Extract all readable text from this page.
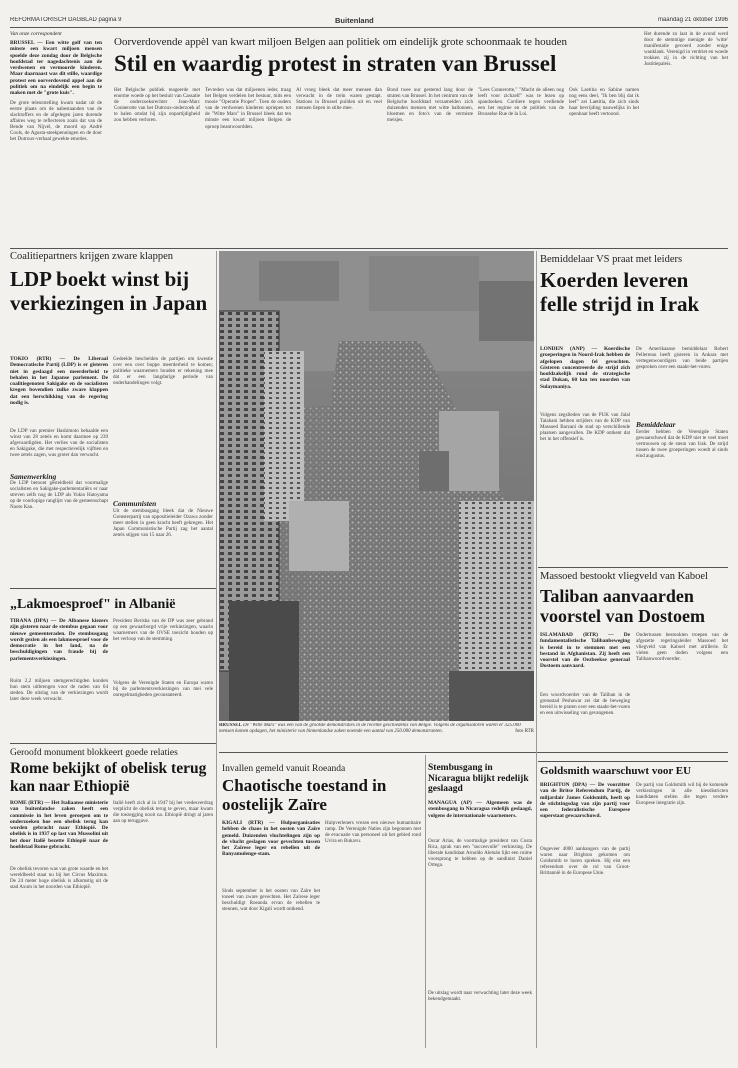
REFORMATORISCH DAGBLAD pagina 9	Buitenland	maandag 21 oktober 1996
Van onze correspondent
BRUSSEL — Een witte golf van ten minste een kwart miljoen mensen spoelde deze zondag door de Belgische hoofdstad ter nagedachtenis aan de verdwenen en vermoorde kinderen. Maar daarnaast was dit stille, waardige protest een oorverdovend appel aan de politiek om na eindelijk een begin te maken met de "grote kuis".
De grote teleurstelling kwam nadat uit de eerste plaats om de nabestaanden van de slachtoffers en de afgelegen jaren durende affaires weg te reflecteren zoals dat van de Bende van Nijvel, de moord op André Cools, de Agusta-steekpenningen en de door het Dutroux-verhaal gewekte emoties.
Oorverdovende appèl van kwart miljoen Belgen aan politiek om eindelijk grote schoonmaak te houden
Stil en waardig protest in straten van Brussel
Het Belgische publiek reageerde met enorme woede op het besluit van Cassatie de onderzoeksrechter Jean-Marc Connerotte van het Dutroux-onderzoek af te halen omdat hij zijn onpartijdigheid zou hebben verloren.
Tevreden was dat miljoenen ieder, traag het Belgen verdelen het bestuur, mits een mooie "Operatie Proper". Toen de ouders van de verdwenen kinderen opriepen tot de "Witte Mars" in Brussel bleek dat ten minste een kwart miljoen Belgen de oproep beantwoordden.
Al vroeg bleek dat meer mensen dan verwacht in de trein waren gestapt. Stations in Brussel puilden uit en veel mensen liepen in stilte mee.
Bond twee uur gestemd lang door de straten van Brussel. In het centrum van de Belgische hoofdstad verzamelden zich duizenden mensen met witte ballonnen, bloemen en foto's van de vermiste meisjes.
"Lees Connerotte," "Macht de alleen nog leeft voor zichzelf" was te lezen op spandoeken. Cordiere tegen verdiende een het regime en de politiek van de Brusselse Rue de la Loi.
Ook Laetitia en Sabine namen nog eens deel, "Ik ben blij dat ik leef" zei Laetitia, die zich sinds haar bevrijding nauwelijks in het openbaar heeft vertoond.
Het durende zo laat in de avond werd door de stemmige menigte de 'witte' manifestatie gevoerd zonder enige wanklank. Verenigd in verdriet en woede trokken zij in de richting van het Justitiepaleis.
Coalitiepartners krijgen zware klappen
LDP boekt winst bij verkiezingen in Japan
TOKIO (RTR) — De Liberaal Democratische Partij (LDP) is er gisteren niet in geslaagd een meerderheid te behalen in het Japanse parlement. De coalitiegenoten Sakigake en de socialisten kregen bovendien zulke zware klappen dat een herschikking van de regering nodig is.
De LDP van premier Hashimoto behaalde een winst van 28 zetels en komt daarmee op 239 afgevaardigden. Het verlies van de socialisten en Sakigake, die met respectievelijk vijftien en twee zetels zagen, was groter dan verwacht.
Samenwerking
De LDP betoont gesteldheid dat voormalige socialisten en Sakigake-parlementariërs er naar streven zelfs nog de LDP als Yukio Hatoyama op de voorlopige ranglijst van de gemeenschapt Naoto Kan.
Gedeelde bescheiden de partijen om kwestie over een over boppe meerderheid te komen; politieke waarnemers houden er rekening mee dat er een langdurige periode van onderhandelingen volgt.
Communisten
Uit de stembusgang bleek dat de Nieuwe Grensterpartij van oppositieleider Ozawa zonder meer stellen in geen kracht heeft gekregen. Het Japan Communistische Partij zag het aantal zetels stijgen van 15 naar 26.
„Lakmoesproef" in Albanië
TIRANA (DPA) — De Albanese kiezers zijn gisteren naar de stembus gegaan voor nieuwe gemeenteraden. De stembusgang wordt gezien als een lakmoesproef voor de democratie in het land, na de beschuldigingen van fraude bij de parlementsverkiezingen.
Ruim 2,2 miljoen stemgerechtigden konden hun stem uitbrengen voor de raden van 64 steden. De uitslag van de verkiezingen wordt later deze week verwacht.
President Berisha van de DP was zeer gebrand op een gewaarborgd vrije verkiezingen, waarin waarnemers van de OVSE toezicht houden op het verloop van de stemming.
Volgens de Verenigde Staten en Europa waren bij de parlementsverkiezingen van mei vele onregelmatigheden geconstateerd.
Geroofd monument blokkeert goede relaties
Rome bekijkt of obelisk terug kan naar Ethiopië
ROME (RTR) — Het Italiaanse ministerie van buitenlandse zaken heeft een commissie in het leven geroepen om te onderzoeken hoe een obelisk terug kan worden gebracht naar Ethiopië. De obelisk is in 1937 op last van Mussolini uit het door Italië bezette Ethiopië naar de hoofdstad Rome gebracht.
De obelisk tevoren was van grote waarde en het wereldbeeld staat nu bij het Circus Maximus. De 24 meter hoge obelisk is afkomstig uit de stad Axum in het noorden van Ethiopië.
Italië heeft zich al in 1947 bij het vredesverdrag verplicht de obelisk terug te geven, maar kwam die toezegging nooit na. Ethiopië dringt al jaren aan op teruggave.
BRUSSEL De "Witte Mars" was een van de grootste demonstraties in de recente geschiedenis van België. Volgens de organisatoren waren er 325.000 mensen komen opdagen, het ministerie van binnenlandse zaken noemde een aantal van 250.000 demonstranten.	foto RTR
Bemiddelaar VS praat met leiders
Koerden leveren felle strijd in Irak
LONDEN (ANP) — Koerdische groeperingen in Noord-Irak hebben de afgelopen dagen fel gevochten. Gisteren concentreerde de strijd zich hoofdzakelijk rond de strategische stad Dukan, 60 km ten noorden van Sulaymaniya.
Volgens zegslieden van de PUK van Jalal Talabani hebben strijders van de KDP van Massoed Barzani de stad op verschillende plaatsen aangevallen. De KDP ontkent dat het in het offensief is.
De Amerikaanse bemiddelaar Robert Pelletreau heeft gisteren in Ankara met vertegenwoordigers van beide partijen gesproken over een staakt-het-vuren.
Bemiddelaar
Eerder hebben de Verenigde Staten gewaarschuwd dat de KDP niet te veel moet vertrouwen op de steun van Irak. De strijd tussen de twee groeperingen woedt al sinds eind augustus.
Massoed bestookt vliegveld van Kaboel
Taliban aanvaarden voorstel van Dostoem
ISLAMABAD (RTR) — De fundamentalistische Talibanbeweging is bereid in te stemmen met een bestand in Afghanistan. Zij heeft een voorstel van de Oezbeekse generaal Dostoem aanvaard.
Een woordvoerder van de Taliban in de grensstad Peshawar zei dat de beweging bereid is te praten over een staakt-het-vuren en een uitwisseling van gevangenen.
Ondertussen bestookten troepen van de afgezette regeringsleider Massoed het vliegveld van Kaboel met artillerie. Er vielen geen doden volgens een Talibanwoordvoerder.
Invallen gemeld vanuit Roeanda
Chaotische toestand in oostelijk Zaïre
KIGALI (RTR) — Hulporganisaties hebben de chaos in het oosten van Zaïre gemeld. Duizenden vluchtelingen zijn op de vlucht geslagen voor gevechten tussen het Zaïrese leger en rebellen uit de Banyamulenge-stam.
Sinds september is het oosten van Zaïre het toneel van zware gevechten. Het Zaïrese leger beschuldigt Roeanda ervan de rebellen te steunen, wat door Kigali wordt ontkend.
Hulpverleners vrezen een nieuwe humanitaire ramp. De Verenigde Naties zijn begonnen met de evacuatie van personeel uit het gebied rond Uvira en Bukavu.
Stembusgang in Nicaragua blijkt redelijk geslaagd
MANAGUA (AP) — Algemeen was de stembusgang in Nicaragua redelijk geslaagd, volgens de internationale waarnemers.
Oscar Arias, de voormalige president van Costa Rica, sprak van een "succesvolle" verkiezing. De liberale kandidaat Arnoldo Alemán lijkt een ruime voorsprong te hebben op de sandinist Daniel Ortega.
De uitslag wordt naar verwachting later deze week bekendgemaakt.
Goldsmith waarschuwt voor EU
BRIGHTON (DPA) — De voorzitter van de Britse Referendum Partij, de miljardair James Goldsmith, heeft op de stichtingsdag van zijn partij voor een federalistische Europese superstaat gewaarschuwd.
Ongeveer 4000 aanhangers van de partij waren naar Brighton gekomen om Goldsmith te horen spreken. Hij eist een referendum over de rol van Groot-Brittannië in de Europese Unie.
De partij van Goldsmith wil bij de komende verkiezingen in alle kiesdistricten kandidaten stellen die tegen verdere Europese integratie zijn.
